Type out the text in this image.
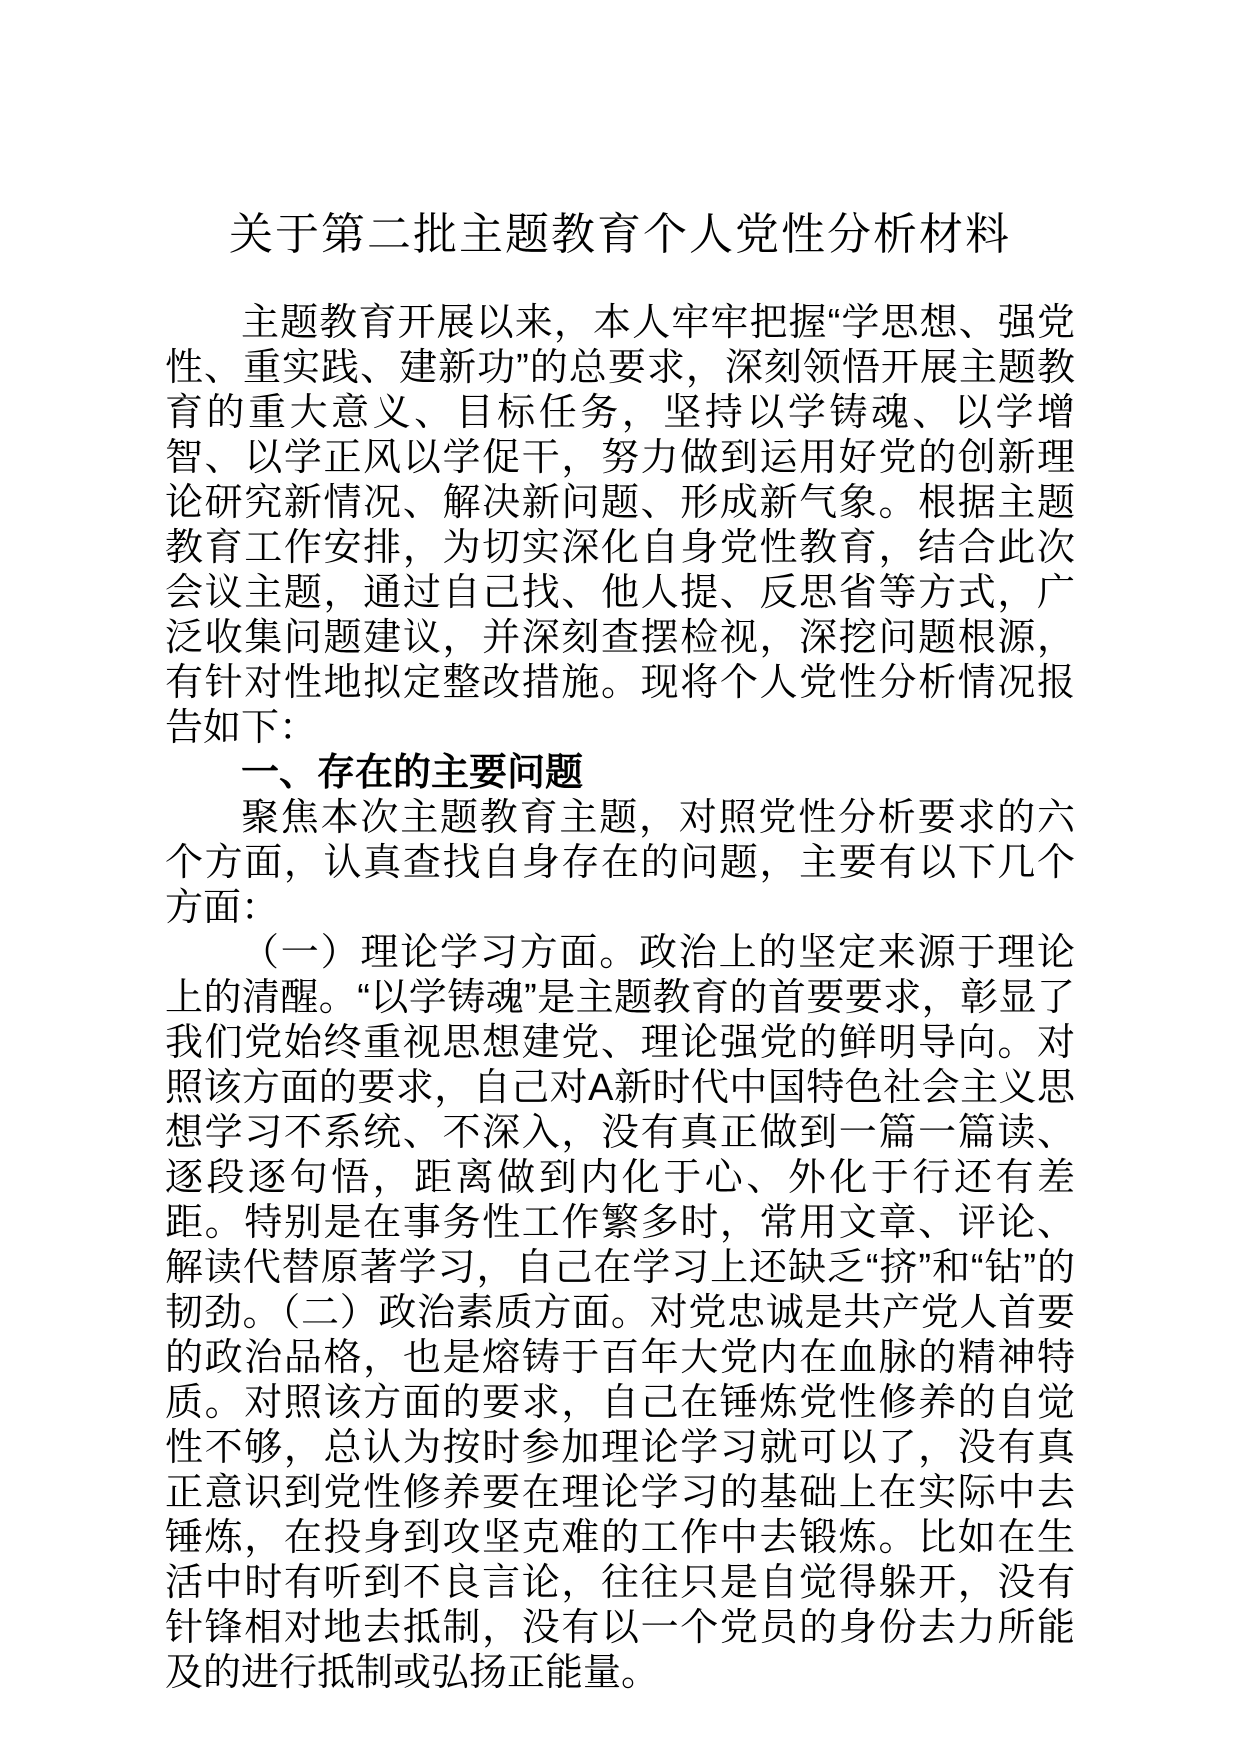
关于第二批主题教育个人党性分析材料

主题教育开展以来，本人牢牢把握“学思想、强党性、重实践、建新功”的总要求，深刻领悟开展主题教育的重大意义、目标任务，坚持以学铸魂、以学增智、以学正风以学促干，努力做到运用好党的创新理论研究新情况、解决新问题、形成新气象。根据主题教育工作安排，为切实深化自身党性教育，结合此次会议主题，通过自己找、他人提、反思省等方式，广泛收集问题建议，并深刻查摆检视，深挖问题根源，有针对性地拟定整改措施。现将个人党性分析情况报告如下：

一、存在的主要问题

聚焦本次主题教育主题，对照党性分析要求的六个方面，认真查找自身存在的问题，主要有以下几个方面：

（一）理论学习方面。政治上的坚定来源于理论上的清醒。“以学铸魂”是主题教育的首要要求，彰显了我们党始终重视思想建党、理论强党的鲜明导向。对照该方面的要求，自己对A新时代中国特色社会主义思想学习不系统、不深入，没有真正做到一篇一篇读、逐段逐句悟，距离做到内化于心、外化于行还有差距。特别是在事务性工作繁多时，常用文章、评论、解读代替原著学习，自己在学习上还缺乏“挤”和“钻”的韧劲。（二）政治素质方面。对党忠诚是共产党人首要的政治品格，也是熔铸于百年大党内在血脉的精神特质。对照该方面的要求，自己在锤炼党性修养的自觉性不够，总认为按时参加理论学习就可以了，没有真正意识到党性修养要在理论学习的基础上在实际中去锤炼，在投身到攻坚克难的工作中去锻炼。比如在生活中时有听到不良言论，往往只是自觉得躲开，没有针锋相对地去抵制，没有以一个党员的身份去力所能及的进行抵制或弘扬正能量。
